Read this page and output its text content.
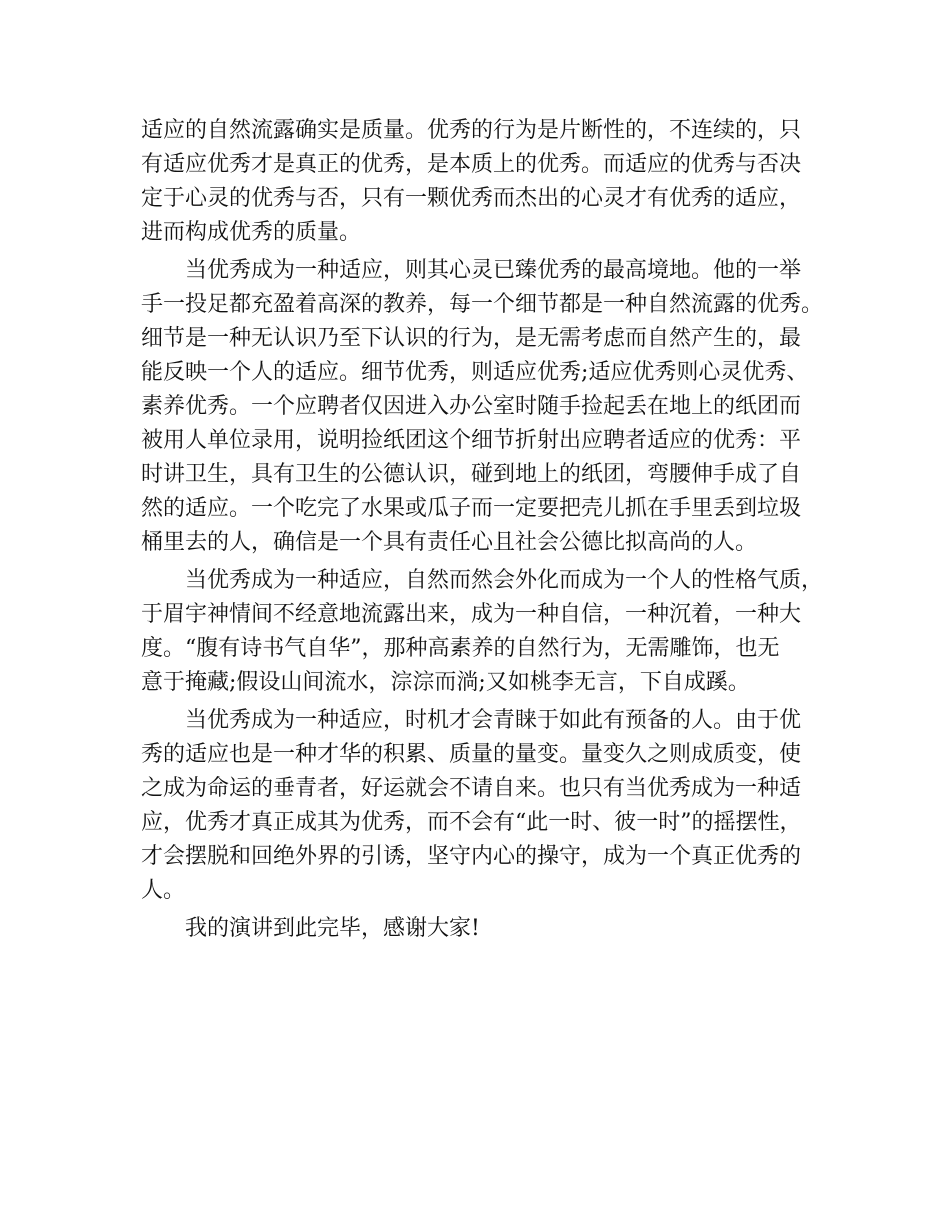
适应的自然流露确实是质量。优秀的行为是片断性的，不连续的，只
有适应优秀才是真正的优秀，是本质上的优秀。而适应的优秀与否决
定于心灵的优秀与否，只有一颗优秀而杰出的心灵才有优秀的适应，
进而构成优秀的质量。
当优秀成为一种适应，则其心灵已臻优秀的最高境地。他的一举
手一投足都充盈着高深的教养，每一个细节都是一种自然流露的优秀。
细节是一种无认识乃至下认识的行为，是无需考虑而自然产生的，最
能反映一个人的适应。细节优秀，则适应优秀;适应优秀则心灵优秀、
素养优秀。一个应聘者仅因进入办公室时随手捡起丢在地上的纸团而
被用人单位录用，说明捡纸团这个细节折射出应聘者适应的优秀：平
时讲卫生，具有卫生的公德认识，碰到地上的纸团，弯腰伸手成了自
然的适应。一个吃完了水果或瓜子而一定要把壳儿抓在手里丢到垃圾
桶里去的人，确信是一个具有责任心且社会公德比拟高尚的人。
当优秀成为一种适应，自然而然会外化而成为一个人的性格气质，
于眉宇神情间不经意地流露出来，成为一种自信，一种沉着，一种大
度。“腹有诗书气自华”，那种高素养的自然行为，无需雕饰，也无
意于掩藏;假设山间流水，淙淙而淌;又如桃李无言，下自成蹊。
当优秀成为一种适应，时机才会青睐于如此有预备的人。由于优
秀的适应也是一种才华的积累、质量的量变。量变久之则成质变，使
之成为命运的垂青者，好运就会不请自来。也只有当优秀成为一种适
应，优秀才真正成其为优秀，而不会有“此一时、彼一时”的摇摆性，
才会摆脱和回绝外界的引诱，坚守内心的操守，成为一个真正优秀的
人。
我的演讲到此完毕，感谢大家!
